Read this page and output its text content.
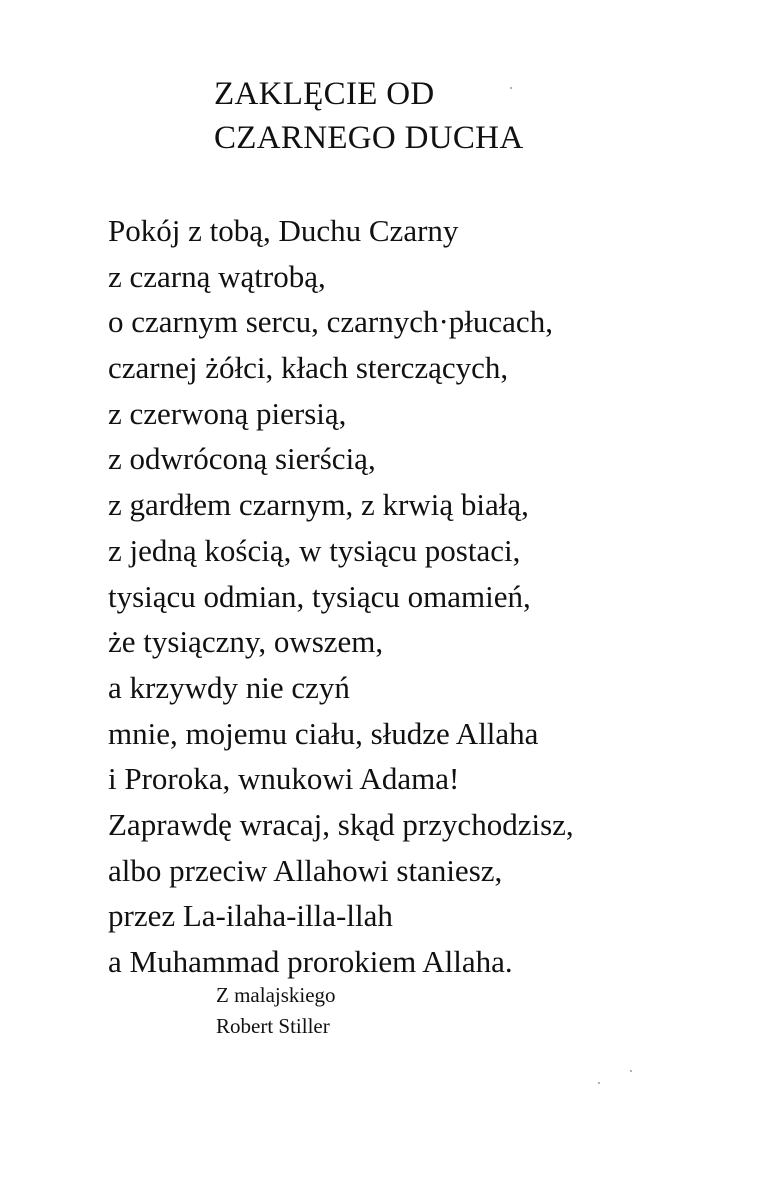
ZAKLĘCIE OD
CZARNEGO DUCHA
Pokój z tobą, Duchu Czarny
z czarną wątrobą,
o czarnym sercu, czarnych·płucach,
czarnej żółci, kłach sterczących,
z czerwoną piersią,
z odwróconą sierścią,
z gardłem czarnym, z krwią białą,
z jedną kością, w tysiącu postaci,
tysiącu odmian, tysiącu omamień,
że tysiączny, owszem,
a krzywdy nie czyń
mnie, mojemu ciału, słudze Allaha
i Proroka, wnukowi Adama!
Zaprawdę wracaj, skąd przychodzisz,
albo przeciw Allahowi staniesz,
przez La-ilaha-illa-llah
a Muhammad prorokiem Allaha.
Z malajskiego
Robert Stiller
